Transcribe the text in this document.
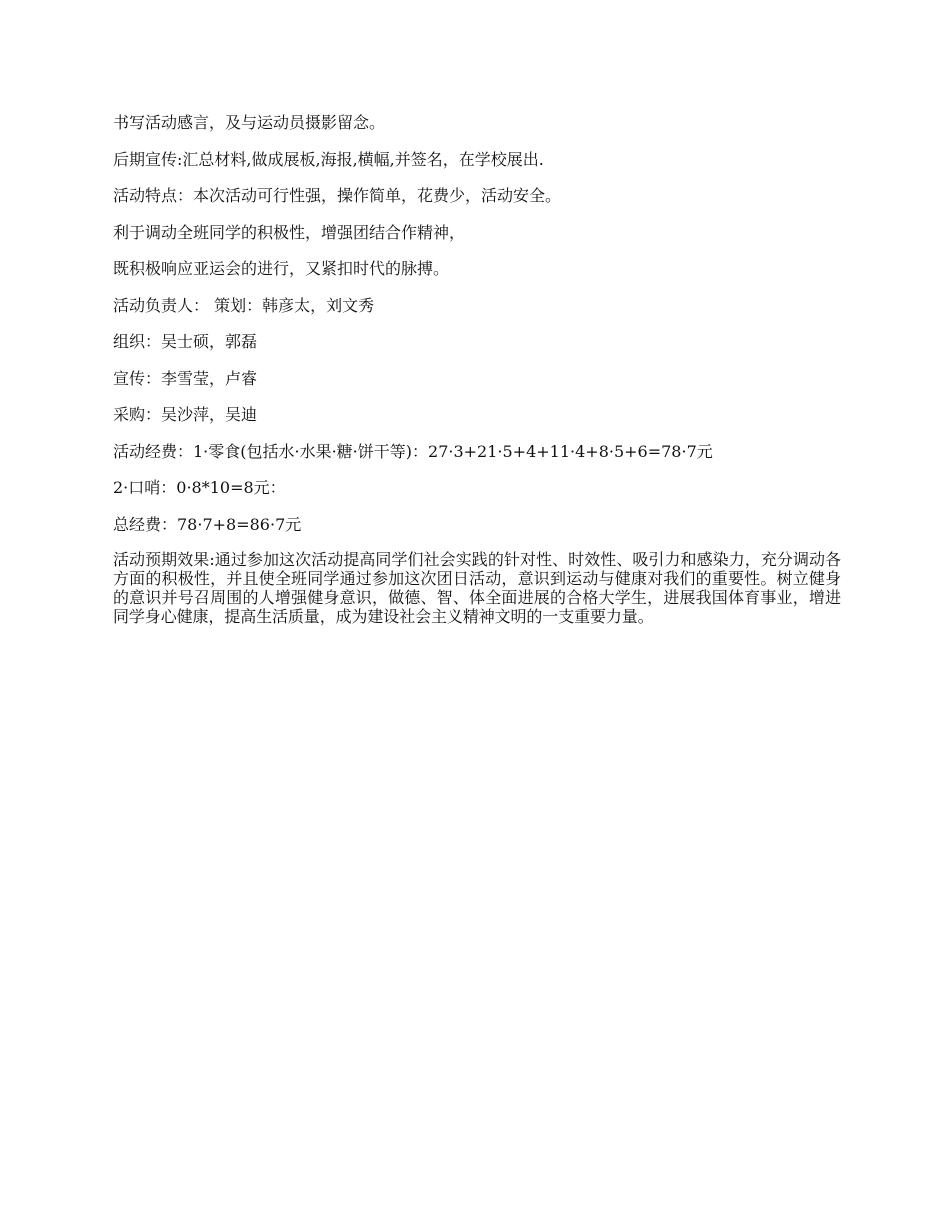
书写活动感言，及与运动员摄影留念。

后期宣传:汇总材料,做成展板,海报,横幅,并签名，在学校展出.

活动特点：本次活动可行性强，操作简单，花费少，活动安全。

利于调动全班同学的积极性，增强团结合作精神，

既积极响应亚运会的进行，又紧扣时代的脉搏。

活动负责人： 策划：韩彦太，刘文秀

组织：吴士硕，郭磊

宣传：李雪莹，卢睿

采购：吴沙萍，吴迪

活动经费：1·零食(包括水·水果·糖·饼干等)：27·3+21·5+4+11·4+8·5+6=78·7元

2·口哨：0·8*10=8元：

总经费：78·7+8=86·7元

活动预期效果:通过参加这次活动提高同学们社会实践的针对性、时效性、吸引力和感染力，充分调动各方面的积极性，并且使全班同学通过参加这次团日活动，意识到运动与健康对我们的重要性。树立健身的意识并号召周围的人增强健身意识，做德、智、体全面进展的合格大学生，进展我国体育事业，增进同学身心健康，提高生活质量，成为建设社会主义精神文明的一支重要力量。
